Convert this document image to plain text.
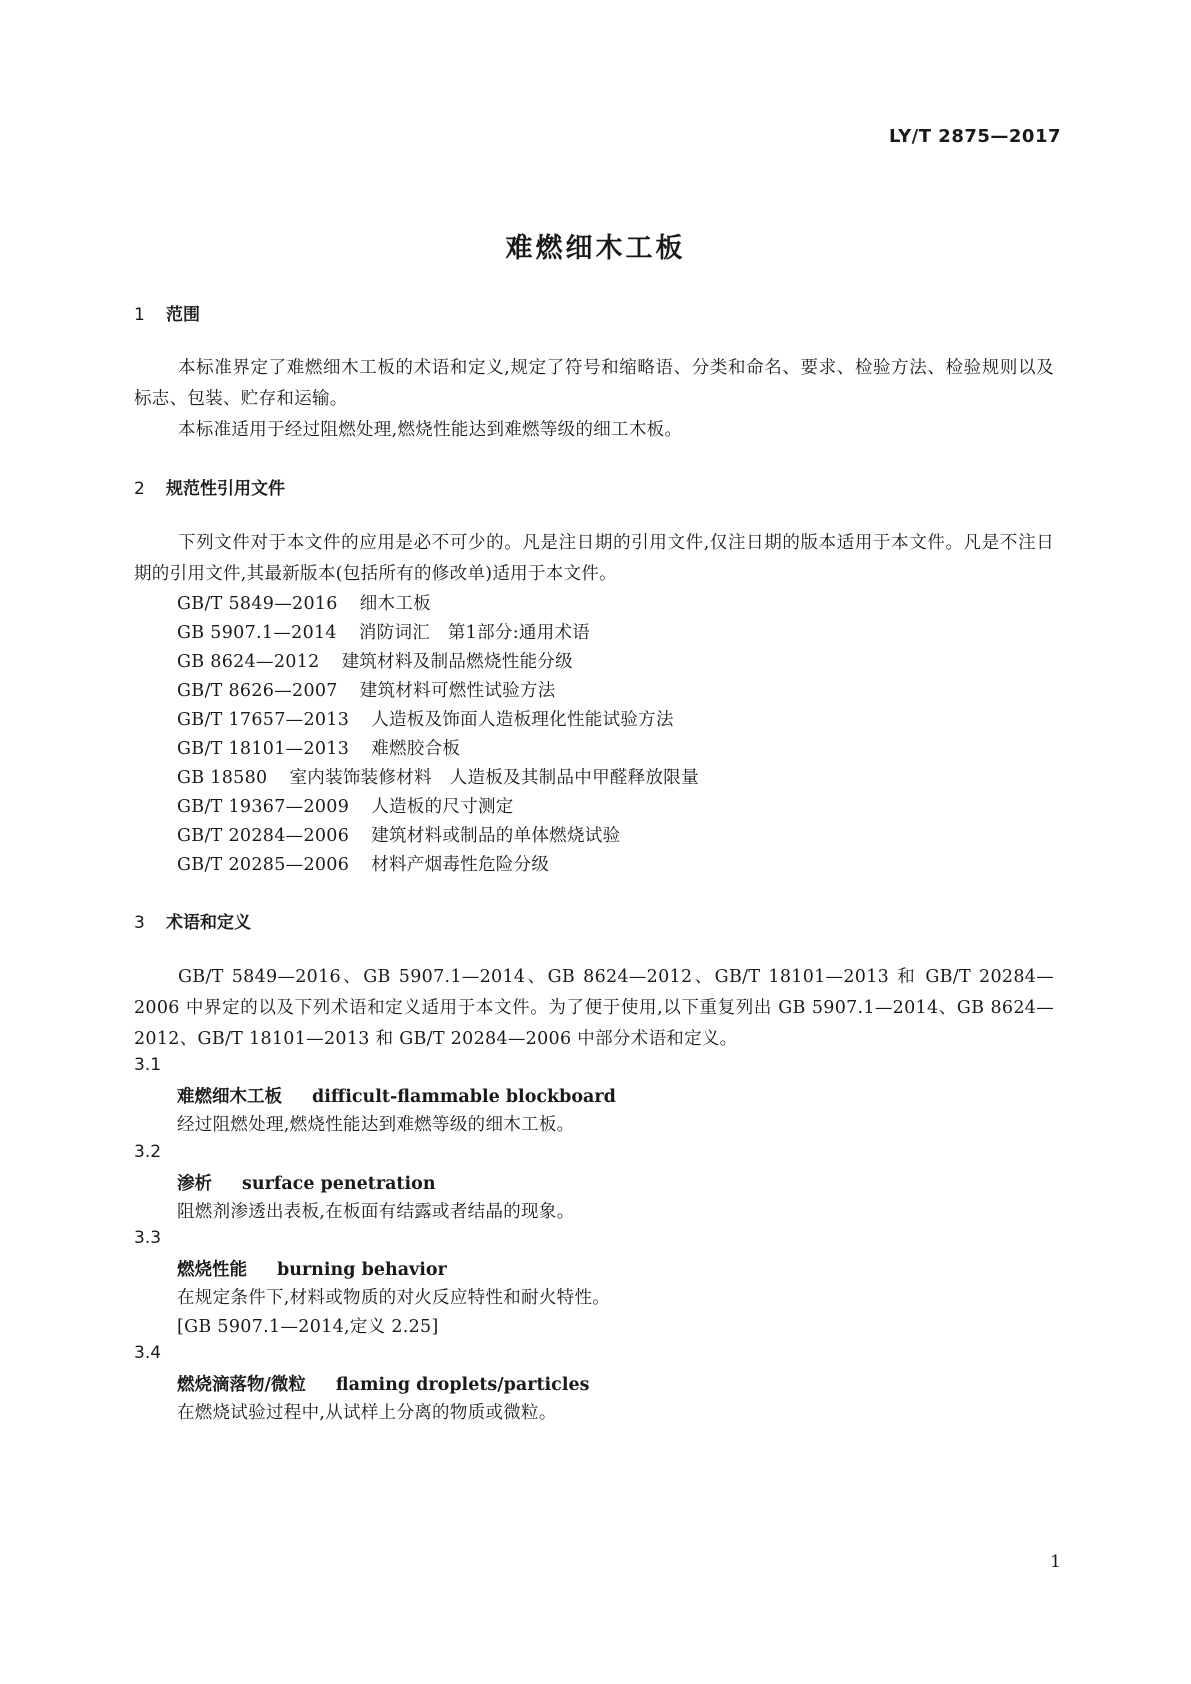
LY/T 2875—2017
难燃细木工板
1 范围
本标准界定了难燃细木工板的术语和定义,规定了符号和缩略语、分类和命名、要求、检验方法、检验规则以及标志、包装、贮存和运输。
本标准适用于经过阻燃处理,燃烧性能达到难燃等级的细工木板。
2 规范性引用文件
下列文件对于本文件的应用是必不可少的。凡是注日期的引用文件,仅注日期的版本适用于本文件。凡是不注日期的引用文件,其最新版本(包括所有的修改单)适用于本文件。
GB/T 5849—2016 细木工板
GB 5907.1—2014 消防词汇　第1部分:通用术语
GB 8624—2012 建筑材料及制品燃烧性能分级
GB/T 8626—2007 建筑材料可燃性试验方法
GB/T 17657—2013 人造板及饰面人造板理化性能试验方法
GB/T 18101—2013 难燃胶合板
GB 18580 室内装饰装修材料　人造板及其制品中甲醛释放限量
GB/T 19367—2009 人造板的尺寸测定
GB/T 20284—2006 建筑材料或制品的单体燃烧试验
GB/T 20285—2006 材料产烟毒性危险分级
3 术语和定义
GB/T 5849—2016、GB 5907.1—2014、GB 8624—2012、GB/T 18101—2013 和 GB/T 20284—2006 中界定的以及下列术语和定义适用于本文件。为了便于使用,以下重复列出 GB 5907.1—2014、GB 8624—2012、GB/T 18101—2013 和 GB/T 20284—2006 中部分术语和定义。
3.1
难燃细木工板 difficult-flammable blockboard
经过阻燃处理,燃烧性能达到难燃等级的细木工板。
3.2
渗析 surface penetration
阻燃剂渗透出表板,在板面有结露或者结晶的现象。
3.3
燃烧性能 burning behavior
在规定条件下,材料或物质的对火反应特性和耐火特性。
[GB 5907.1—2014,定义 2.25]
3.4
燃烧滴落物/微粒 flaming droplets/particles
在燃烧试验过程中,从试样上分离的物质或微粒。
1
